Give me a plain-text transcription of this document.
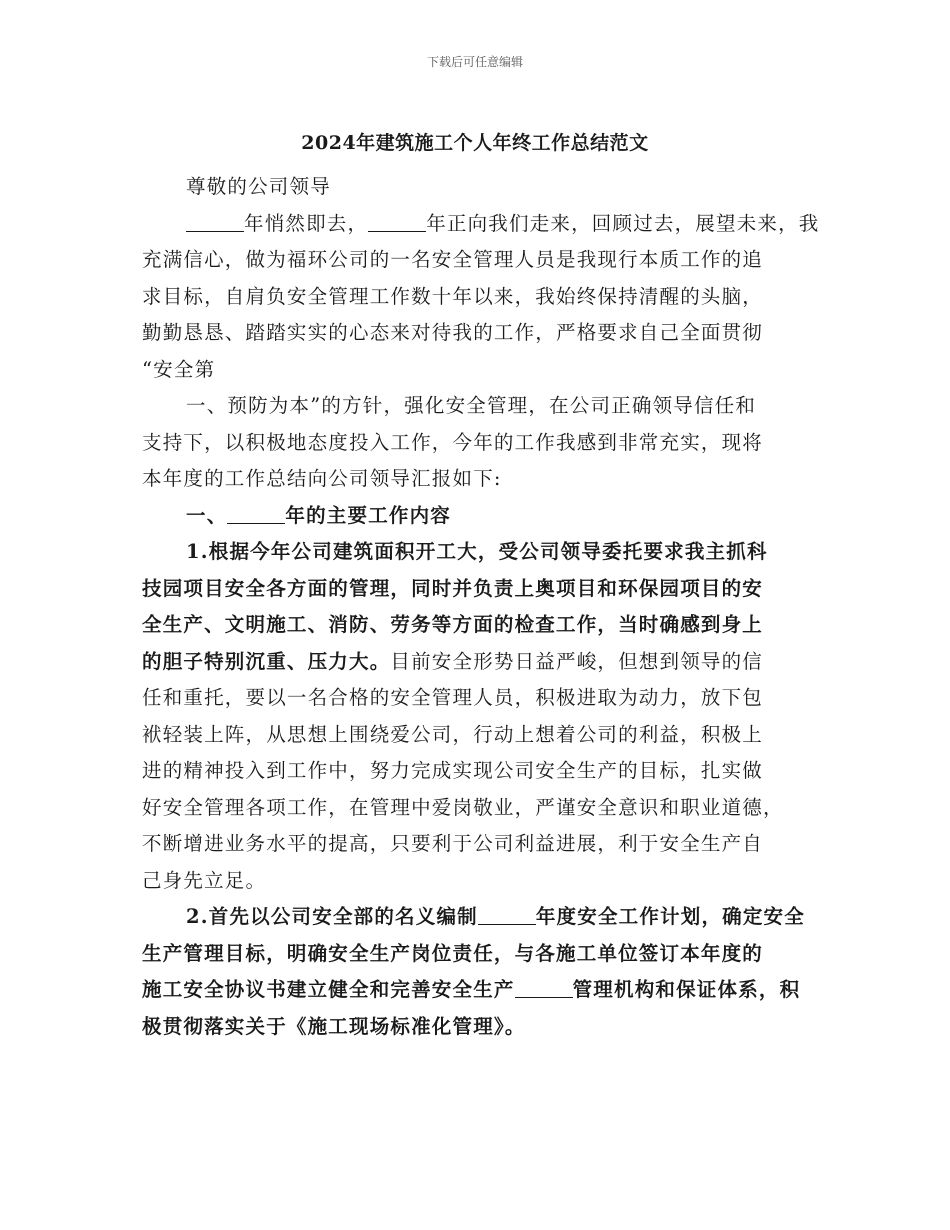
下载后可任意编辑
2024年建筑施工个人年终工作总结范文
尊敬的公司领导
年悄然即去，	年正向我们走来，回顾过去，展望未来，我
充满信心，做为福环公司的一名安全管理人员是我现行本质工作的追
求目标，自肩负安全管理工作数十年以来，我始终保持清醒的头脑，
勤勤恳恳、踏踏实实的心态来对待我的工作，严格要求自己全面贯彻
“安全第
一、预防为本”的方针，强化安全管理，在公司正确领导信任和
支持下，以积极地态度投入工作，今年的工作我感到非常充实，现将
本年度的工作总结向公司领导汇报如下:
一、	年的主要工作内容
1.根据今年公司建筑面积开工大，受公司领导委托要求我主抓科
技园项目安全各方面的管理，同时并负责上奥项目和环保园项目的安
全生产、文明施工、消防、劳务等方面的检查工作，当时确感到身上
的胆子特别沉重、压力大。目前安全形势日益严峻，但想到领导的信
任和重托，要以一名合格的安全管理人员，积极进取为动力，放下包
袱轻装上阵，从思想上围绕爱公司，行动上想着公司的利益，积极上
进的精神投入到工作中，努力完成实现公司安全生产的目标，扎实做
好安全管理各项工作，在管理中爱岗敬业，严谨安全意识和职业道德，
不断增进业务水平的提高，只要利于公司利益进展，利于安全生产自
己身先立足。
2.首先以公司安全部的名义编制	年度安全工作计划，确定安全
生产管理目标，明确安全生产岗位责任，与各施工单位签订本年度的
施工安全协议书建立健全和完善安全生产	管理机构和保证体系，积
极贯彻落实关于《施工现场标准化管理》。
